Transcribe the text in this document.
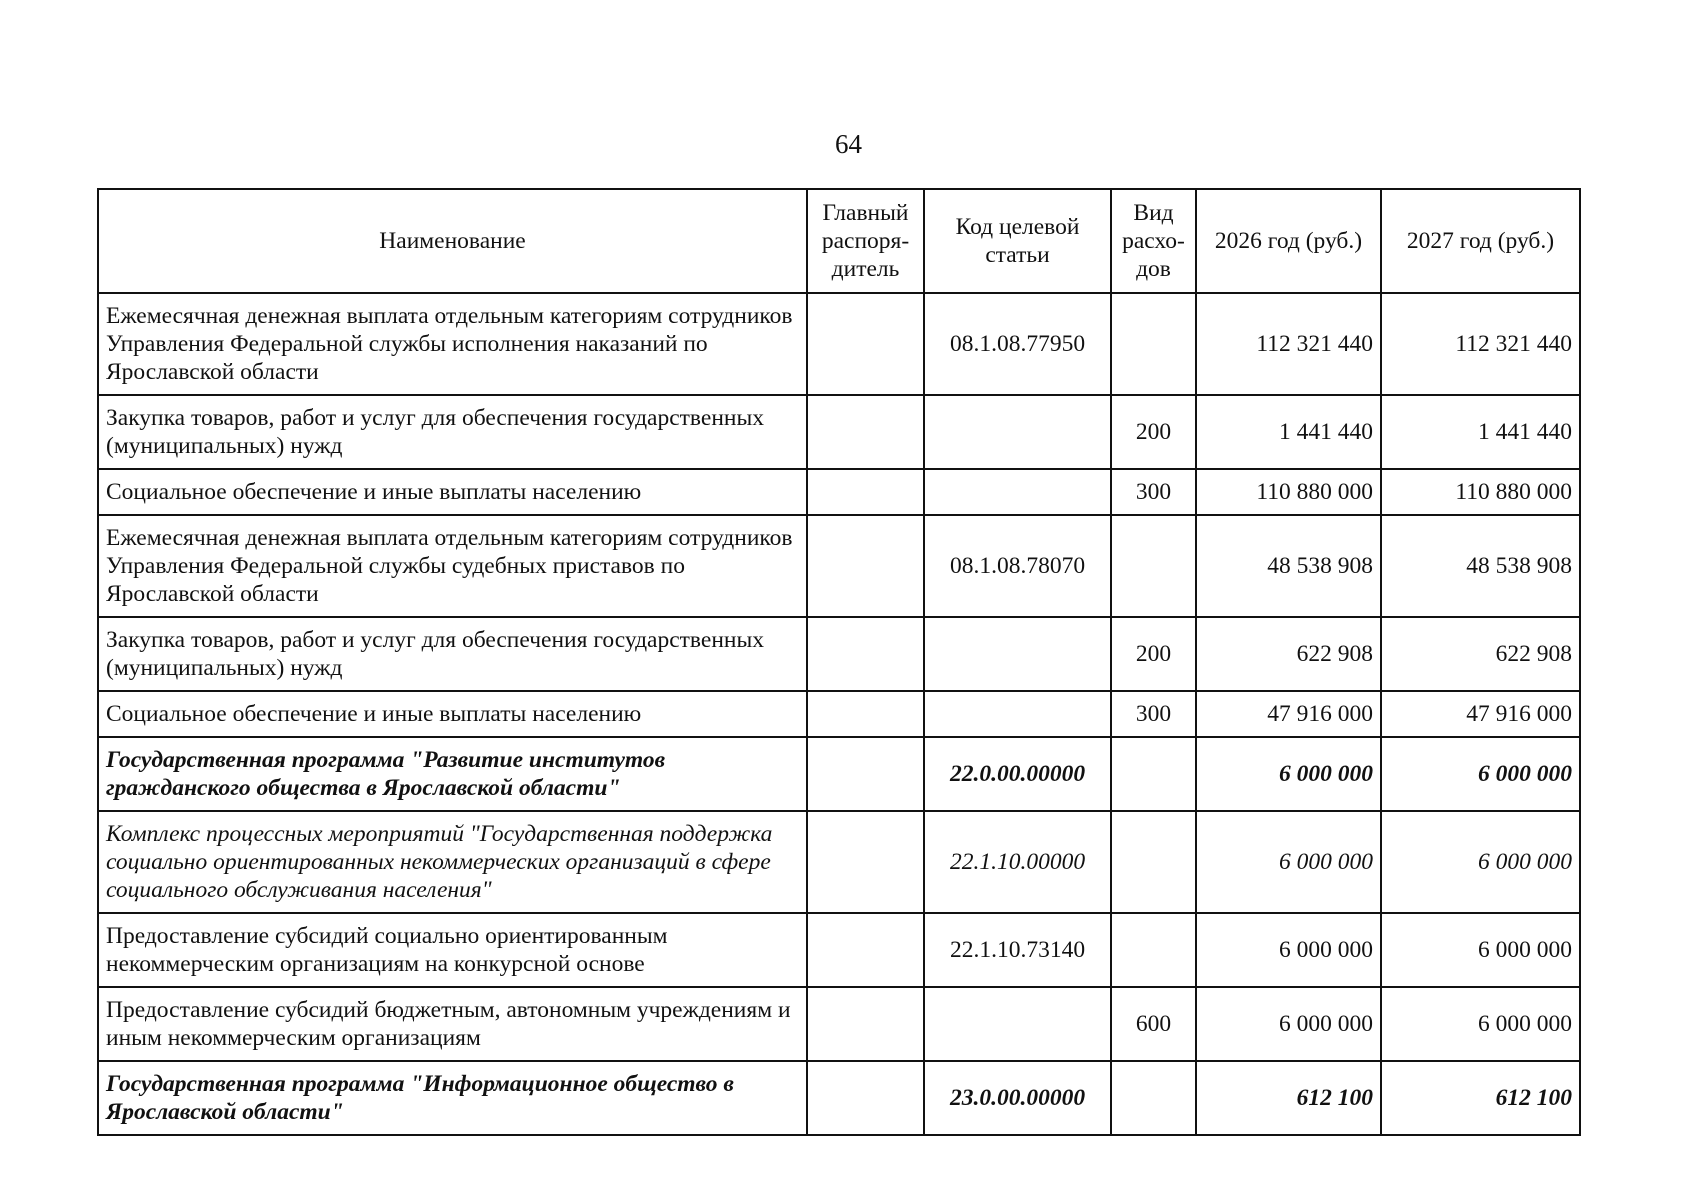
64
Наименование	Главный распоря-дитель	Код целевой статьи	Вид расхо-дов	2026 год (руб.)	2027 год (руб.)
Ежемесячная денежная выплата отдельным категориям сотрудников Управления Федеральной службы исполнения наказаний по Ярославской области		08.1.08.77950		112 321 440	112 321 440
Закупка товаров, работ и услуг для обеспечения государственных (муниципальных) нужд			200	1 441 440	1 441 440
Социальное обеспечение и иные выплаты населению			300	110 880 000	110 880 000
Ежемесячная денежная выплата отдельным категориям сотрудников Управления Федеральной службы судебных приставов по Ярославской области		08.1.08.78070		48 538 908	48 538 908
Закупка товаров, работ и услуг для обеспечения государственных (муниципальных) нужд			200	622 908	622 908
Социальное обеспечение и иные выплаты населению			300	47 916 000	47 916 000
Государственная программа "Развитие институтов гражданского общества в Ярославской области"		22.0.00.00000		6 000 000	6 000 000
Комплекс процессных мероприятий "Государственная поддержка социально ориентированных некоммерческих организаций в сфере социального обслуживания населения"		22.1.10.00000		6 000 000	6 000 000
Предоставление субсидий социально ориентированным некоммерческим организациям на конкурсной основе		22.1.10.73140		6 000 000	6 000 000
Предоставление субсидий бюджетным, автономным учреждениям и иным некоммерческим организациям			600	6 000 000	6 000 000
Государственная программа "Информационное общество в Ярославской области"		23.0.00.00000		612 100	612 100
